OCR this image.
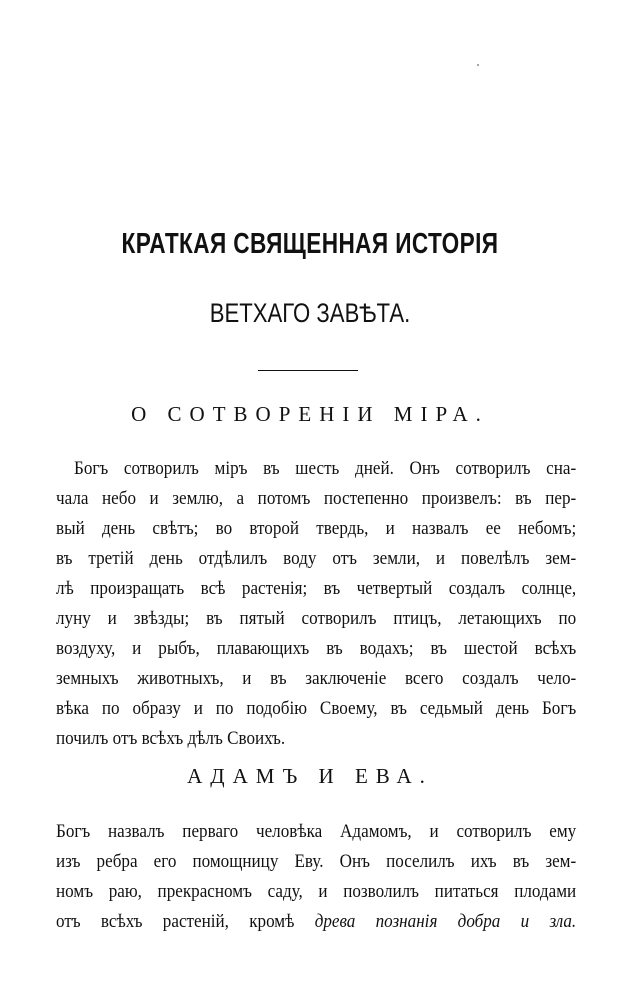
КРАТКАЯ СВЯЩЕННАЯ ИСТОРІЯ
ВЕТХАГО ЗАВѢТА.
О СОТВОРЕНІИ МІРА.
Богъ сотворилъ міръ въ шесть дней. Онъ сотворилъ сна-
чала небо и землю, а потомъ постепенно произвелъ: въ пер-
вый день свѣтъ; во второй твердь, и назвалъ ее небомъ;
въ третій день отдѣлилъ воду отъ земли, и повелѣлъ зем-
лѣ произращать всѣ растенія; въ четвертый создалъ солнце,
луну и звѣзды; въ пятый сотворилъ птицъ, летающихъ по
воздуху, и рыбъ, плавающихъ въ водахъ; въ шестой всѣхъ
земныхъ животныхъ, и въ заключеніе всего создалъ чело-
вѣка по образу и по подобію Своему, въ седьмый день Богъ
почилъ отъ всѣхъ дѣлъ Своихъ.
АДАМЪ И ЕВА.
Богъ назвалъ перваго человѣка Адамомъ, и сотворилъ ему
изъ ребра его помощницу Еву. Онъ поселилъ ихъ въ зем-
номъ раю, прекрасномъ саду, и позволилъ питаться плодами
отъ всѣхъ растеній, кромѣ древа познанія добра и зла.
